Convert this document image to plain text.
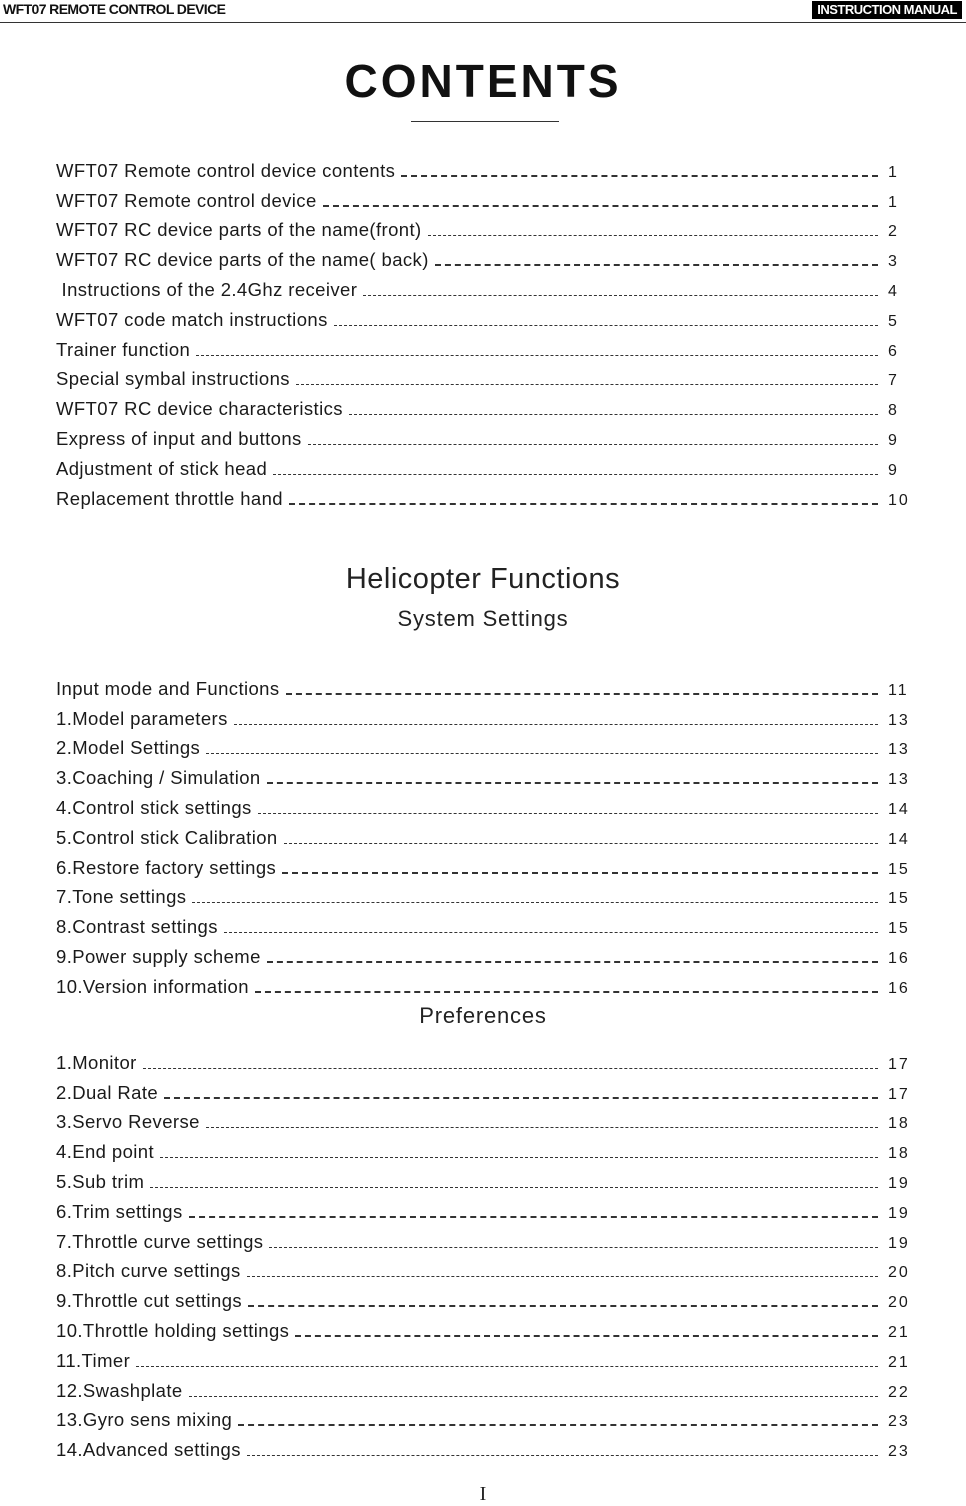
WFT07 REMOTE CONTROL DEVICE	INSTRUCTION MANUAL
CONTENTS
WFT07 Remote control device contents	1
WFT07 Remote control device	1
WFT07 RC device parts of the name(front)	2
WFT07 RC device parts of the name( back)	3
Instructions of the 2.4Ghz receiver	4
WFT07 code match instructions	5
Trainer function	6
Special symbal instructions	7
WFT07 RC device characteristics	8
Express of input and buttons	9
Adjustment of stick head	9
Replacement throttle hand	10
Helicopter Functions
System Settings
Input mode and Functions	11
1.Model parameters	13
2.Model Settings	13
3.Coaching / Simulation	13
4.Control stick settings	14
5.Control stick Calibration	14
6.Restore factory settings	15
7.Tone settings	15
8.Contrast settings	15
9.Power supply scheme	16
10.Version information	16
Preferences
1.Monitor	17
2.Dual Rate	17
3.Servo Reverse	18
4.End point	18
5.Sub trim	19
6.Trim settings	19
7.Throttle curve settings	19
8.Pitch curve settings	20
9.Throttle cut settings	20
10.Throttle holding settings	21
11.Timer	21
12.Swashplate	22
13.Gyro sens mixing	23
14.Advanced settings	23
I
